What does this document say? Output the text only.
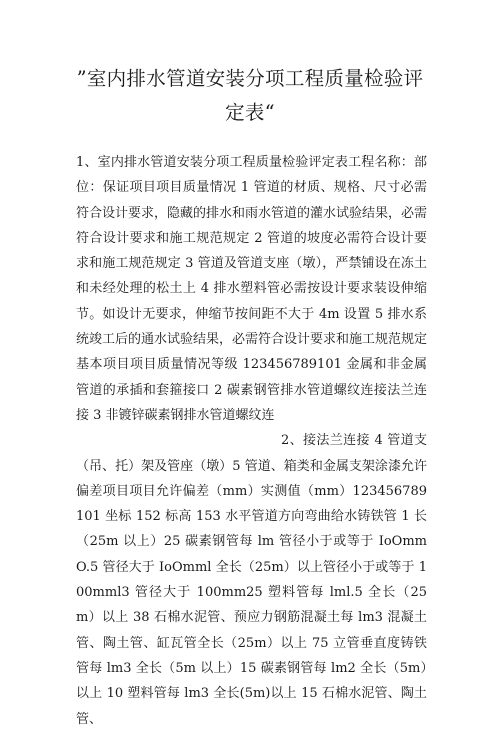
”室内排水管道安装分项工程质量检验评定表“

1、室内排水管道安装分项工程质量检验评定表工程名称：部位：保证项目项目质量情况 1 管道的材质、规格、尺寸必需符合设计要求，隐藏的排水和雨水管道的灌水试验结果，必需符合设计要求和施工规范规定 2 管道的坡度必需符合设计要求和施工规范规定 3 管道及管道支座（墩），严禁铺设在冻土和未经处理的松土上 4 排水塑料管必需按设计要求装设伸缩节。如设计无要求，伸缩节按间距不大于 4m 设置 5 排水系统竣工后的通水试验结果，必需符合设计要求和施工规范规定基本项目项目质量情况等级 123456789101 金属和非金属管道的承插和套箍接口 2 碳素钢管排水管道螺纹连接法兰连接 3 非镀锌碳素钢排水管道螺纹连

2、接法兰连接 4 管道支（吊、托）架及管座（墩）5 管道、箱类和金属支架涂漆允许偏差项目项目允许偏差（mm）实测值（mm）123456789101 坐标 152 标高 153 水平管道方向弯曲给水铸铁管 1 长（25m 以上）25 碳素钢管每 lm 管径小于或等于 IoOmmO.5 管径大于 IoOmml 全长（25m）以上管径小于或等于 100mml3 管径大于 100mm25 塑料管每 lml.5 全长（25m）以上 38 石棉水泥管、预应力钢筋混凝土每 lm3 混凝土管、陶土管、缸瓦管全长（25m）以上 75 立管垂直度铸铁管每 lm3 全长（5m 以上）15 碳素钢管每 lm2 全长（5m）以上 10 塑料管每 lm3 全长(5m)以上 15 石棉水泥管、陶土管、
